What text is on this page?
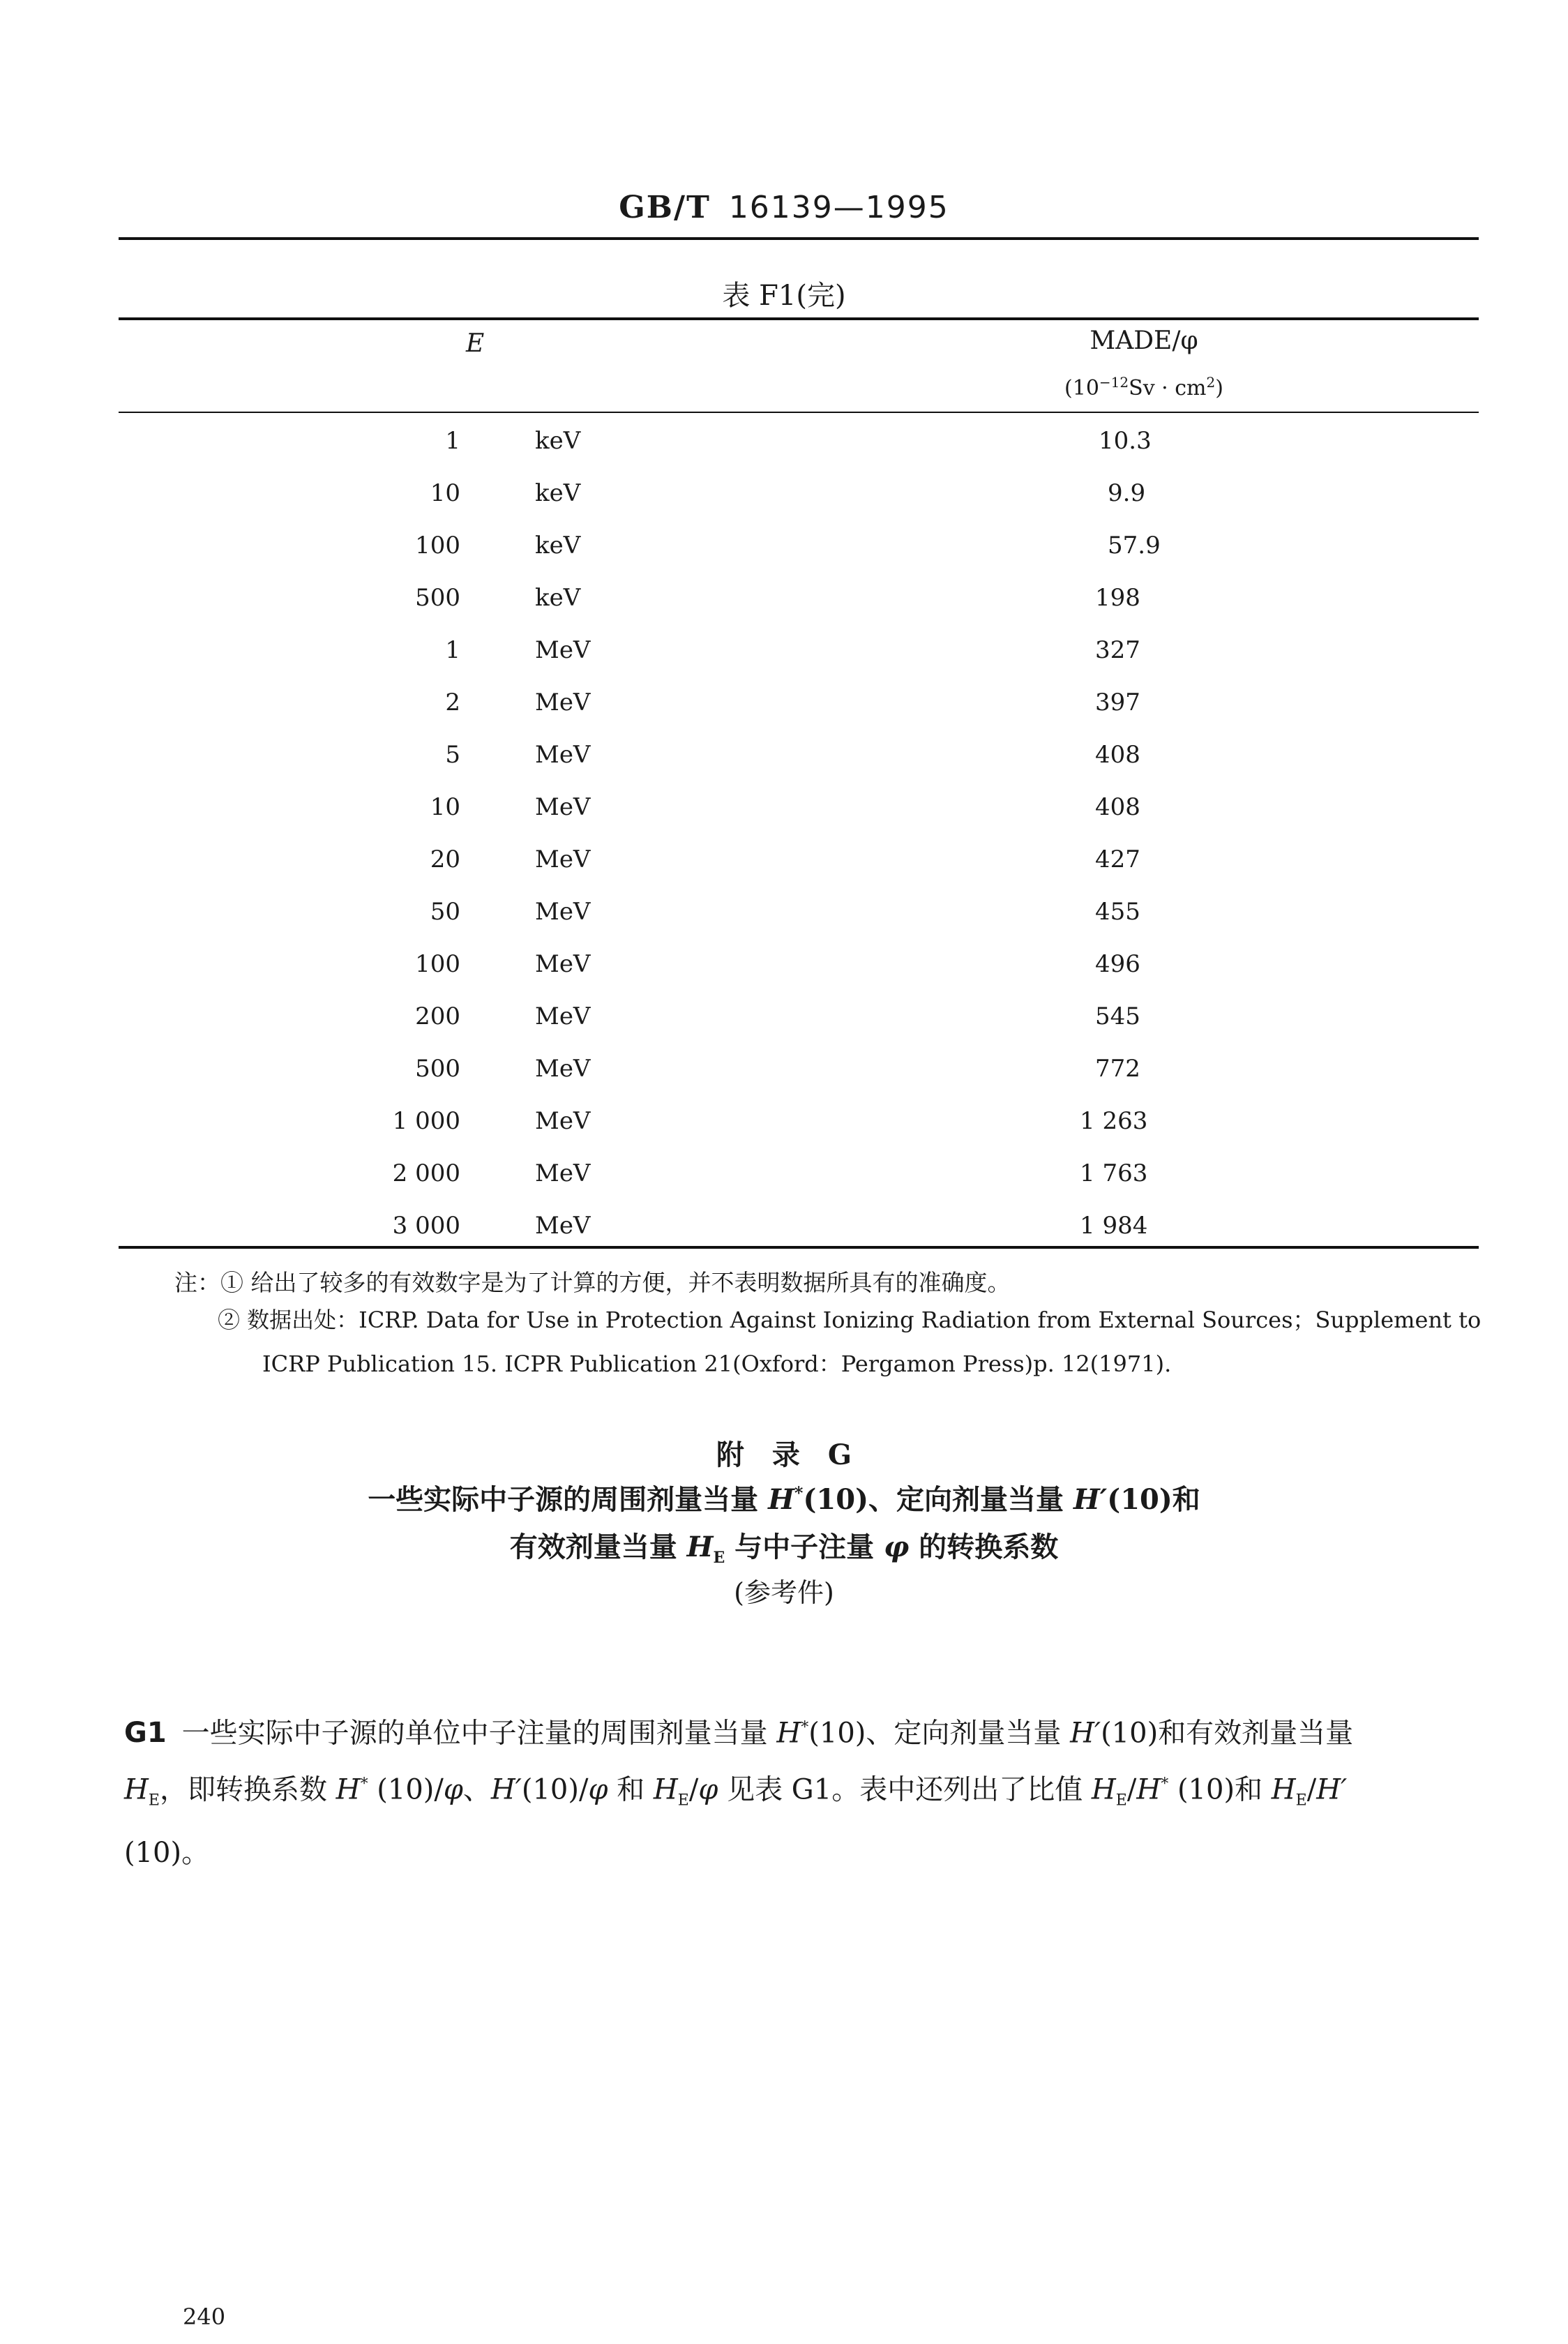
GB/T 16139—1995
表 F1(完)
E	MADE/φ
$(10^{-12}Sv \cdot cm^2)$
1	keV	10.3
10	keV	9.9
100	keV	57.9
500	keV	198
1	MeV	327
2	MeV	397
5	MeV	408
10	MeV	408
20	MeV	427
50	MeV	455
100	MeV	496
200	MeV	545
500	MeV	772
1 000	MeV	1 263
2 000	MeV	1 763
3 000	MeV	1 984
注：① 给出了较多的有效数字是为了计算的方便，并不表明数据所具有的准确度。
② 数据出处：ICRP. Data for Use in Protection Against Ionizing Radiation from External Sources；Supplement to
ICRP Publication 15. ICPR Publication 21(Oxford：Pergamon Press)p. 12(1971).
附　录　G
一些实际中子源的周围剂量当量 H*(10)、定向剂量当量 H′(10)和
有效剂量当量 $H_E$ 与中子注量 φ 的转换系数
(参考件)
G1 一些实际中子源的单位中子注量的周围剂量当量 H*(10)、定向剂量当量 H′(10)和有效剂量当量
$H_E$，即转换系数 H* (10)/φ、H′(10)/φ 和 $H_E/\varphi$ 见表 G1。表中还列出了比值 $H_E/H^*$ (10)和 $H_E/H'$
(10)。
240
